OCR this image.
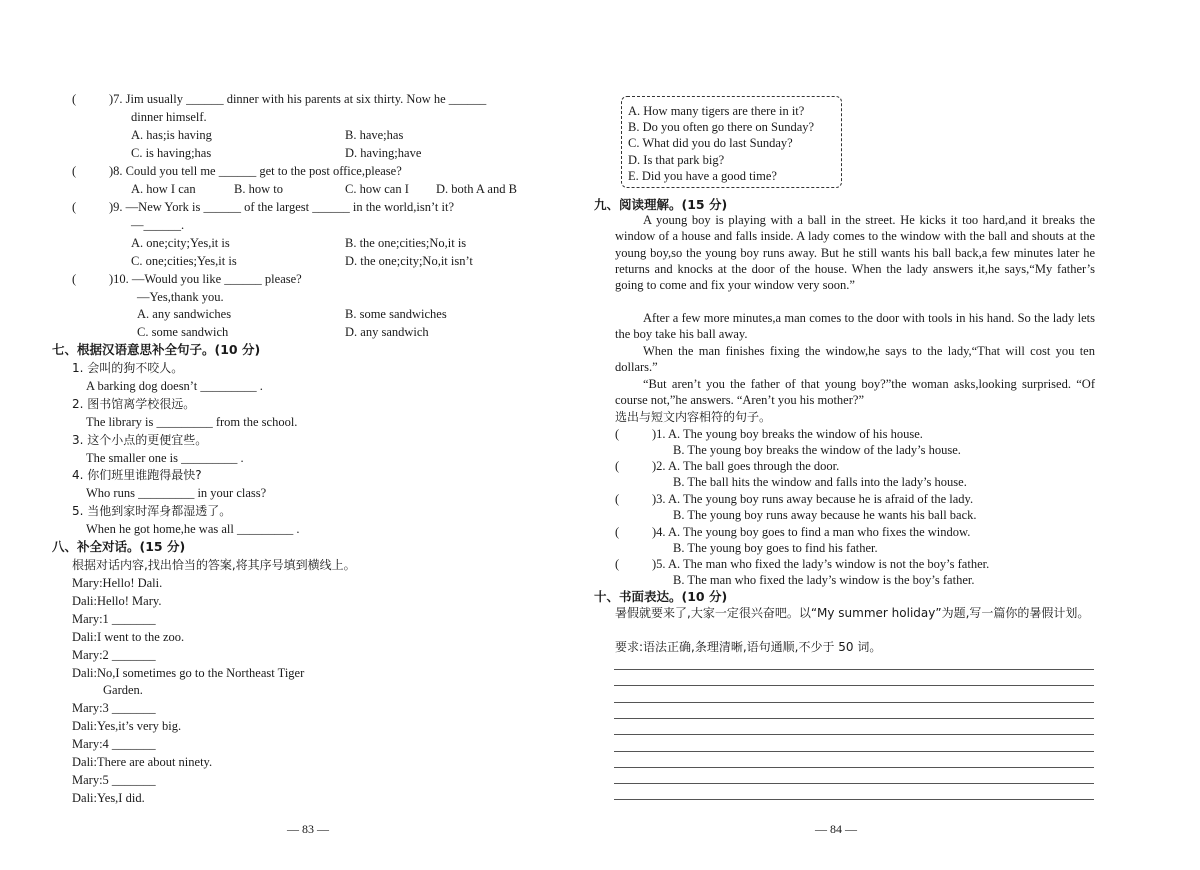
(	)7. Jim usually ______ dinner with his parents at six thirty. Now he ______
dinner himself.
A. has;is having	B. have;has
C. is having;has	D. having;have
(	)8. Could you tell me ______ get to the post office,please?
A. how I can	B. how to	C. how can I D. both A and B
(	)9. —New York is ______ of the largest ______ in the world,isn’t it?
—______.
A. one;city;Yes,it is	B. the one;cities;No,it is
C. one;cities;Yes,it is	D. the one;city;No,it isn’t
(	)10. —Would you like ______ please?
—Yes,thank you.
A. any sandwiches	B. some sandwiches
C. some sandwich	D. any sandwich
七、根据汉语意思补全句子。(10 分)
1. 会叫的狗不咬人。
A barking dog doesn’t _________ .
2. 图书馆离学校很远。
The library is _________ from the school.
3. 这个小点的更便宜些。
The smaller one is _________ .
4. 你们班里谁跑得最快?
Who runs _________ in your class?
5. 当他到家时浑身都湿透了。
When he got home,he was all _________ .
八、补全对话。(15 分)
根据对话内容,找出恰当的答案,将其序号填到横线上。
Mary:Hello! Dali.
Dali:Hello! Mary.
Mary:1 _______
Dali:I went to the zoo.
Mary:2 _______
Dali:No,I sometimes go to the Northeast Tiger
Garden.
Mary:3 _______
Dali:Yes,it’s very big.
Mary:4 _______
Dali:There are about ninety.
Mary:5 _______
Dali:Yes,I did.
— 83 —
A. How many tigers are there in it?
B. Do you often go there on Sunday?
C. What did you do last Sunday?
D. Is that park big?
E. Did you have a good time?
九、阅读理解。(15 分)
A young boy is playing with a ball in the street. He kicks it too hard,and it breaks the window of a house and falls inside. A lady comes to the window with the ball and shouts at the young boy,so the young boy runs away. But he still wants his ball back,a few minutes later he returns and knocks at the door of the house. When the lady answers it,he says,“My father’s going to come and fix your window very soon.”
After a few more minutes,a man comes to the door with tools in his hand. So the lady lets the boy take his ball away.
When the man finishes fixing the window,he says to the lady,“That will cost you ten dollars.”
“But aren’t you the father of that young boy?”the woman asks,looking surprised. “Of course not,”he answers. “Aren’t you his mother?”
选出与短文内容相符的句子。
(	)1. A. The young boy breaks the window of his house.
B. The young boy breaks the window of the lady’s house.
(	)2. A. The ball goes through the door.
B. The ball hits the window and falls into the lady’s house.
(	)3. A. The young boy runs away because he is afraid of the lady.
B. The young boy runs away because he wants his ball back.
(	)4. A. The young boy goes to find a man who fixes the window.
B. The young boy goes to find his father.
(	)5. A. The man who fixed the lady’s window is not the boy’s father.
B. The man who fixed the lady’s window is the boy’s father.
十、书面表达。(10 分)
暑假就要来了,大家一定很兴奋吧。以“My summer holiday”为题,写一篇你的暑假计划。
要求:语法正确,条理清晰,语句通顺,不少于 50 词。
— 84 —
